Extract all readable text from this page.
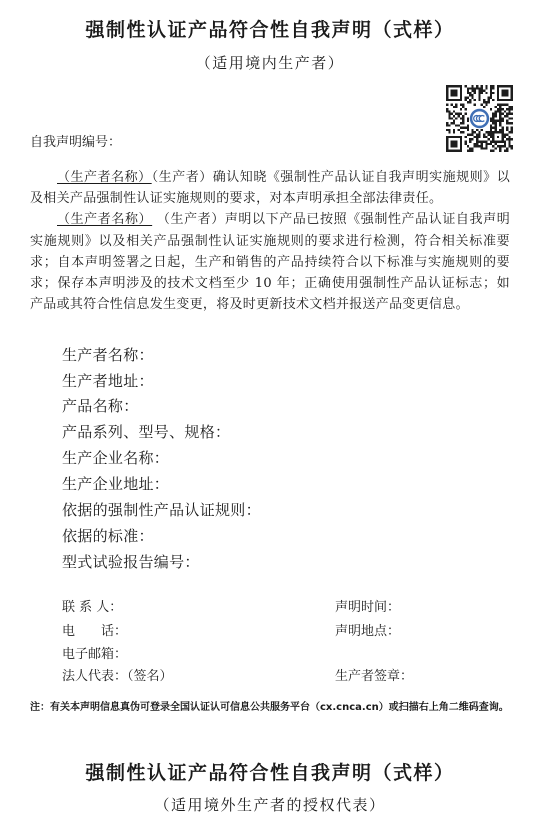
强制性认证产品符合性自我声明（式样）
（适用境内生产者）
自我声明编号：
（生产者名称）（生产者）确认知晓《强制性产品认证自我声明实施规则》以
及相关产品强制性认证实施规则的要求，对本声明承担全部法律责任。
（生产者名称） （生产者）声明以下产品已按照《强制性产品认证自我声明
实施规则》以及相关产品强制性认证实施规则的要求进行检测，符合相关标准要
求；自本声明签署之日起，生产和销售的产品持续符合以下标准与实施规则的要
求；保存本声明涉及的技术文档至少 10 年；正确使用强制性产品认证标志；如
产品或其符合性信息发生变更，将及时更新技术文档并报送产品变更信息。
生产者名称：
生产者地址：
产品名称：
产品系列、型号、规格：
生产企业名称：
生产企业地址：
依据的强制性产品认证规则：
依据的标准：
型式试验报告编号：
联 系 人：	声明时间：
电　　话：	声明地点：
电子邮箱：
法人代表：（签名）	生产者签章：
注：有关本声明信息真伪可登录全国认证认可信息公共服务平台（cx.cnca.cn）或扫描右上角二维码查询。
强制性认证产品符合性自我声明（式样）
（适用境外生产者的授权代表）
